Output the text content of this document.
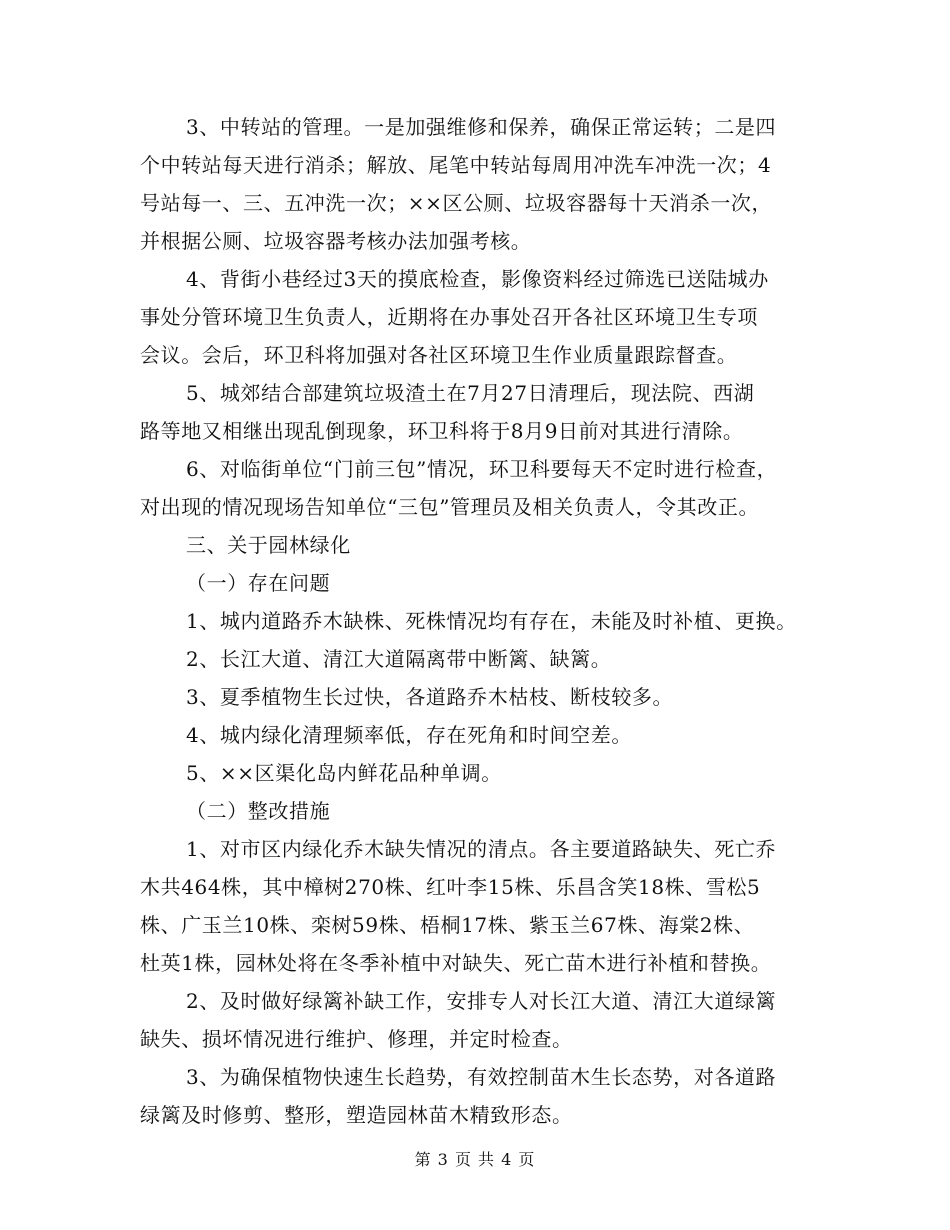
3、中转站的管理。一是加强维修和保养，确保正常运转；二是四
个中转站每天进行消杀；解放、尾笔中转站每周用冲洗车冲洗一次；4
号站每一、三、五冲洗一次；××区公厕、垃圾容器每十天消杀一次，
并根据公厕、垃圾容器考核办法加强考核。
4、背街小巷经过3天的摸底检查，影像资料经过筛选已送陆城办
事处分管环境卫生负责人，近期将在办事处召开各社区环境卫生专项
会议。会后，环卫科将加强对各社区环境卫生作业质量跟踪督查。
5、城郊结合部建筑垃圾渣土在7月27日清理后，现法院、西湖
路等地又相继出现乱倒现象，环卫科将于8月9日前对其进行清除。
6、对临街单位“门前三包”情况，环卫科要每天不定时进行检查，
对出现的情况现场告知单位“三包”管理员及相关负责人，令其改正。
三、关于园林绿化
（一）存在问题
1、城内道路乔木缺株、死株情况均有存在，未能及时补植、更换。
2、长江大道、清江大道隔离带中断篱、缺篱。
3、夏季植物生长过快，各道路乔木枯枝、断枝较多。
4、城内绿化清理频率低，存在死角和时间空差。
5、××区渠化岛内鲜花品种单调。
（二）整改措施
1、对市区内绿化乔木缺失情况的清点。各主要道路缺失、死亡乔
木共464株，其中樟树270株、红叶李15株、乐昌含笑18株、雪松5
株、广玉兰10株、栾树59株、梧桐17株、紫玉兰67株、海棠2株、
杜英1株，园林处将在冬季补植中对缺失、死亡苗木进行补植和替换。
2、及时做好绿篱补缺工作，安排专人对长江大道、清江大道绿篱
缺失、损坏情况进行维护、修理，并定时检查。
3、为确保植物快速生长趋势，有效控制苗木生长态势，对各道路
绿篱及时修剪、整形，塑造园林苗木精致形态。
第 3 页 共 4 页
